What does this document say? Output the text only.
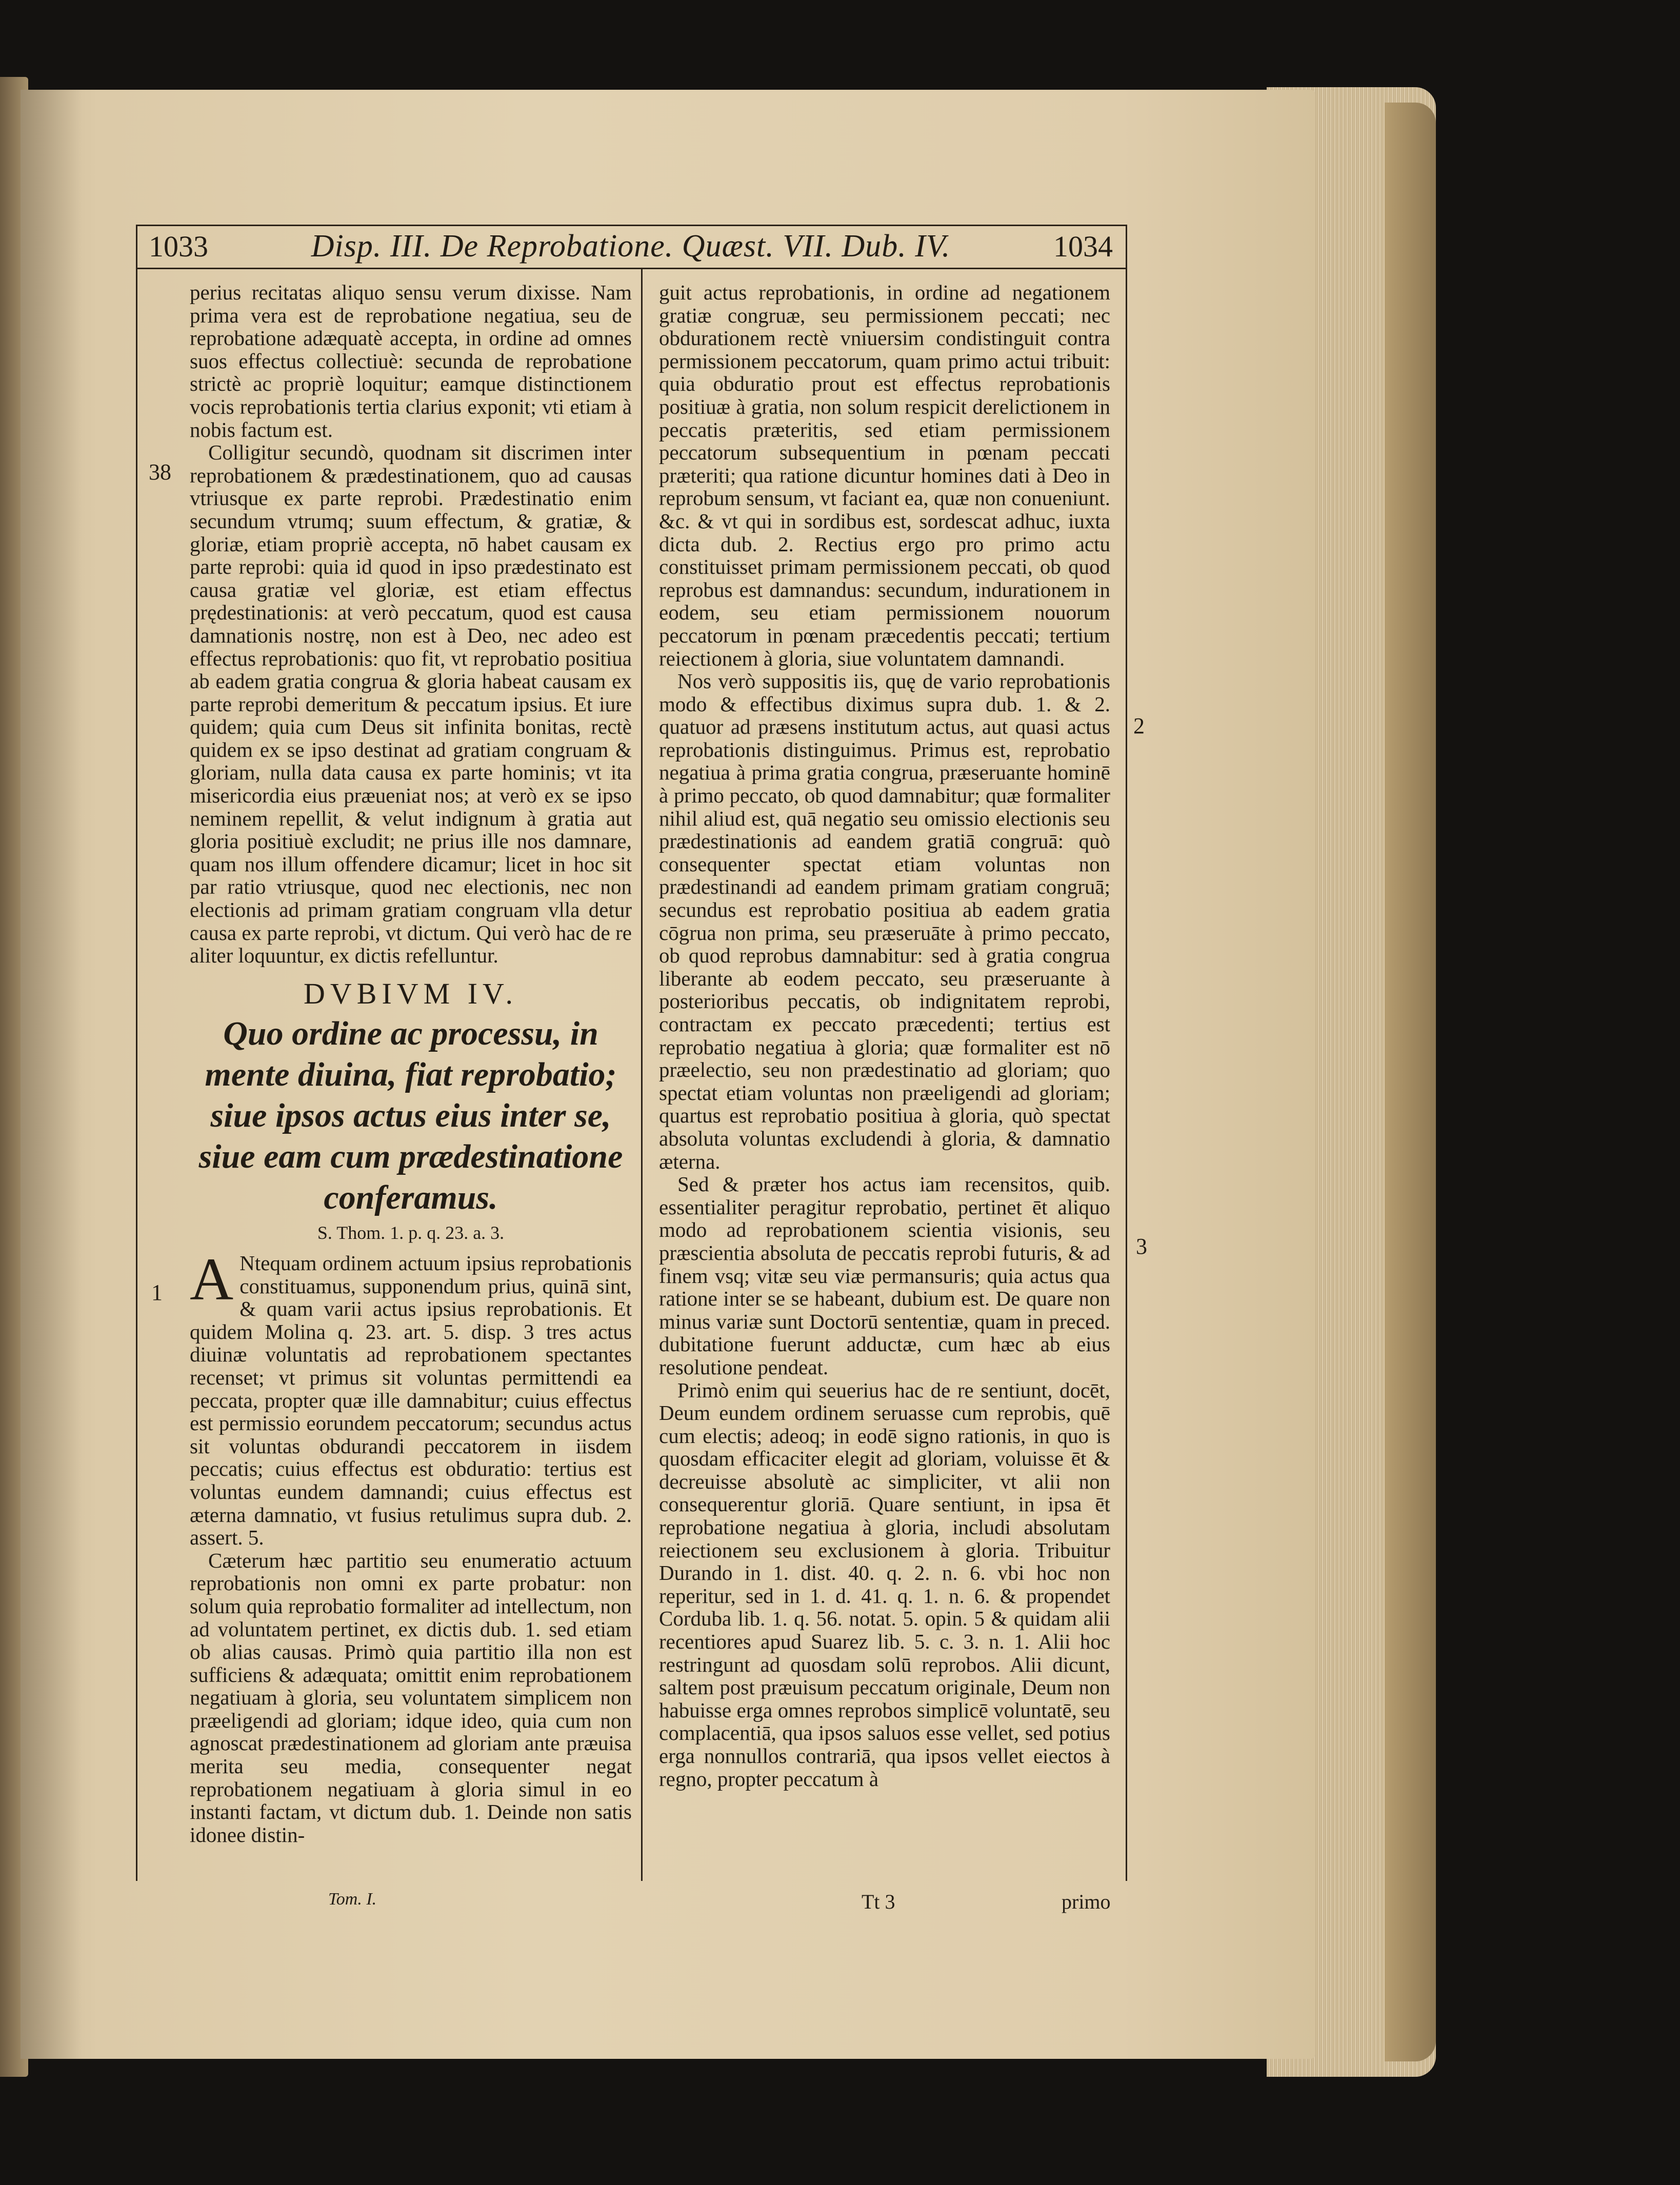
1033	Disp. III. De Reprobatione. Quæst. VII. Dub. IV.	1034
38
1
2
3

perius recitatas aliquo sensu verum dixisse. Nam prima vera est de reprobatione negatiua, seu de reprobatione adæquatè accepta, in ordine ad omnes suos effectus collectiuè: secunda de reprobatione strictè ac propriè loquitur; eamque distinctionem vocis reprobationis tertia clarius exponit; vti etiam à nobis factum est.

Colligitur secundò, quodnam sit discrimen inter reprobationem & prædestinationem, quo ad causas vtriusque ex parte reprobi. Prædestinatio enim secundum vtrumq; suum effectum, & gratiæ, & gloriæ, etiam propriè accepta, nō habet causam ex parte reprobi: quia id quod in ipso prædestinato est causa gratiæ vel gloriæ, est etiam effectus prędestinationis: at verò peccatum, quod est causa damnationis nostrę, non est à Deo, nec adeo est effectus reprobationis: quo fit, vt reprobatio positiua ab eadem gratia congrua & gloria habeat causam ex parte reprobi demeritum & peccatum ipsius. Et iure quidem; quia cum Deus sit infinita bonitas, rectè quidem ex se ipso destinat ad gratiam congruam & gloriam, nulla data causa ex parte hominis; vt ita misericordia eius præueniat nos; at verò ex se ipso neminem repellit, & velut indignum à gratia aut gloria positiuè excludit; ne prius ille nos damnare, quam nos illum offendere dicamur; licet in hoc sit par ratio vtriusque, quod nec electionis, nec non electionis ad primam gratiam congruam vlla detur causa ex parte reprobi, vt dictum. Qui verò hac de re aliter loquuntur, ex dictis refelluntur.

DVBIVM IV.
Quo ordine ac processu, in mente diuina, fiat reprobatio; siue ipsos actus eius inter se, siue eam cum prædestinatione conferamus.
S. Thom. 1. p. q. 23. a. 3.

A Ntequam ordinem actuum ipsius reprobationis constituamus, supponendum prius, quinā sint, & quam varii actus ipsius reprobationis. Et quidem Molina q. 23. art. 5. disp. 3 tres actus diuinæ voluntatis ad reprobationem spectantes recenset; vt primus sit voluntas permittendi ea peccata, propter quæ ille damnabitur; cuius effectus est permissio eorundem peccatorum; secundus actus sit voluntas obdurandi peccatorem in iisdem peccatis; cuius effectus est obduratio: tertius est voluntas eundem damnandi; cuius effectus est æterna damnatio, vt fusius retulimus supra dub. 2. assert. 5.

Cæterum hæc partitio seu enumeratio actuum reprobationis non omni ex parte probatur: non solum quia reprobatio formaliter ad intellectum, non ad voluntatem pertinet, ex dictis dub. 1. sed etiam ob alias causas. Primò quia partitio illa non est sufficiens & adæquata; omittit enim reprobationem negatiuam à gloria, seu voluntatem simplicem non præeligendi ad gloriam; idque ideo, quia cum non agnoscat prædestinationem ad gloriam ante præuisa merita seu media, consequenter negat reprobationem negatiuam à gloria simul in eo instanti factam, vt dictum dub. 1. Deinde non satis idonee distin-

guit actus reprobationis, in ordine ad negationem gratiæ congruæ, seu permissionem peccati; nec obdurationem rectè vniuersim condistinguit contra permissionem peccatorum, quam primo actui tribuit: quia obduratio prout est effectus reprobationis positiuæ à gratia, non solum respicit derelictionem in peccatis præteritis, sed etiam permissionem peccatorum subsequentium in pœnam peccati præteriti; qua ratione dicuntur homines dati à Deo in reprobum sensum, vt faciant ea, quæ non conueniunt. &c. & vt qui in sordibus est, sordescat adhuc, iuxta dicta dub. 2. Rectius ergo pro primo actu constituisset primam permissionem peccati, ob quod reprobus est damnandus: secundum, indurationem in eodem, seu etiam permissionem nouorum peccatorum in pœnam præcedentis peccati; tertium reiectionem à gloria, siue voluntatem damnandi.

Nos verò suppositis iis, quę de vario reprobationis modo & effectibus diximus supra dub. 1. & 2. quatuor ad præsens institutum actus, aut quasi actus reprobationis distinguimus. Primus est, reprobatio negatiua à prima gratia congrua, præseruante hominē à primo peccato, ob quod damnabitur; quæ formaliter nihil aliud est, quā negatio seu omissio electionis seu prædestinationis ad eandem gratiā congruā: quò consequenter spectat etiam voluntas non prædestinandi ad eandem primam gratiam congruā; secundus est reprobatio positiua ab eadem gratia cōgrua non prima, seu præseruāte à primo peccato, ob quod reprobus damnabitur: sed à gratia congrua liberante ab eodem peccato, seu præseruante à posterioribus peccatis, ob indignitatem reprobi, contractam ex peccato præcedenti; tertius est reprobatio negatiua à gloria; quæ formaliter est nō præelectio, seu non prædestinatio ad gloriam; quo spectat etiam voluntas non præeligendi ad gloriam; quartus est reprobatio positiua à gloria, quò spectat absoluta voluntas excludendi à gloria, & damnatio æterna.

Sed & præter hos actus iam recensitos, quib. essentialiter peragitur reprobatio, pertinet ēt aliquo modo ad reprobationem scientia visionis, seu præscientia absoluta de peccatis reprobi futuris, & ad finem vsq; vitæ seu viæ permansuris; quia actus qua ratione inter se se habeant, dubium est. De quare non minus variæ sunt Doctorū sententiæ, quam in preced. dubitatione fuerunt adductæ, cum hæc ab eius resolutione pendeat.

Primò enim qui seuerius hac de re sentiunt, docēt, Deum eundem ordinem seruasse cum reprobis, quē cum electis; adeoq; in eodē signo rationis, in quo is quosdam efficaciter elegit ad gloriam, voluisse ēt & decreuisse absolutè ac simpliciter, vt alii non consequerentur gloriā. Quare sentiunt, in ipsa ēt reprobatione negatiua à gloria, includi absolutam reiectionem seu exclusionem à gloria. Tribuitur Durando in 1. dist. 40. q. 2. n. 6. vbi hoc non reperitur, sed in 1. d. 41. q. 1. n. 6. & propendet Corduba lib. 1. q. 56. notat. 5. opin. 5 & quidam alii recentiores apud Suarez lib. 5. c. 3. n. 1. Alii hoc restringunt ad quosdam solū reprobos. Alii dicunt, saltem post præuisum peccatum originale, Deum non habuisse erga omnes reprobos simplicē voluntatē, seu complacentiā, qua ipsos saluos esse vellet, sed potius erga nonnullos contrariā, qua ipsos vellet eiectos à regno, propter peccatum à

Tom. I.	Tt 3	primo
